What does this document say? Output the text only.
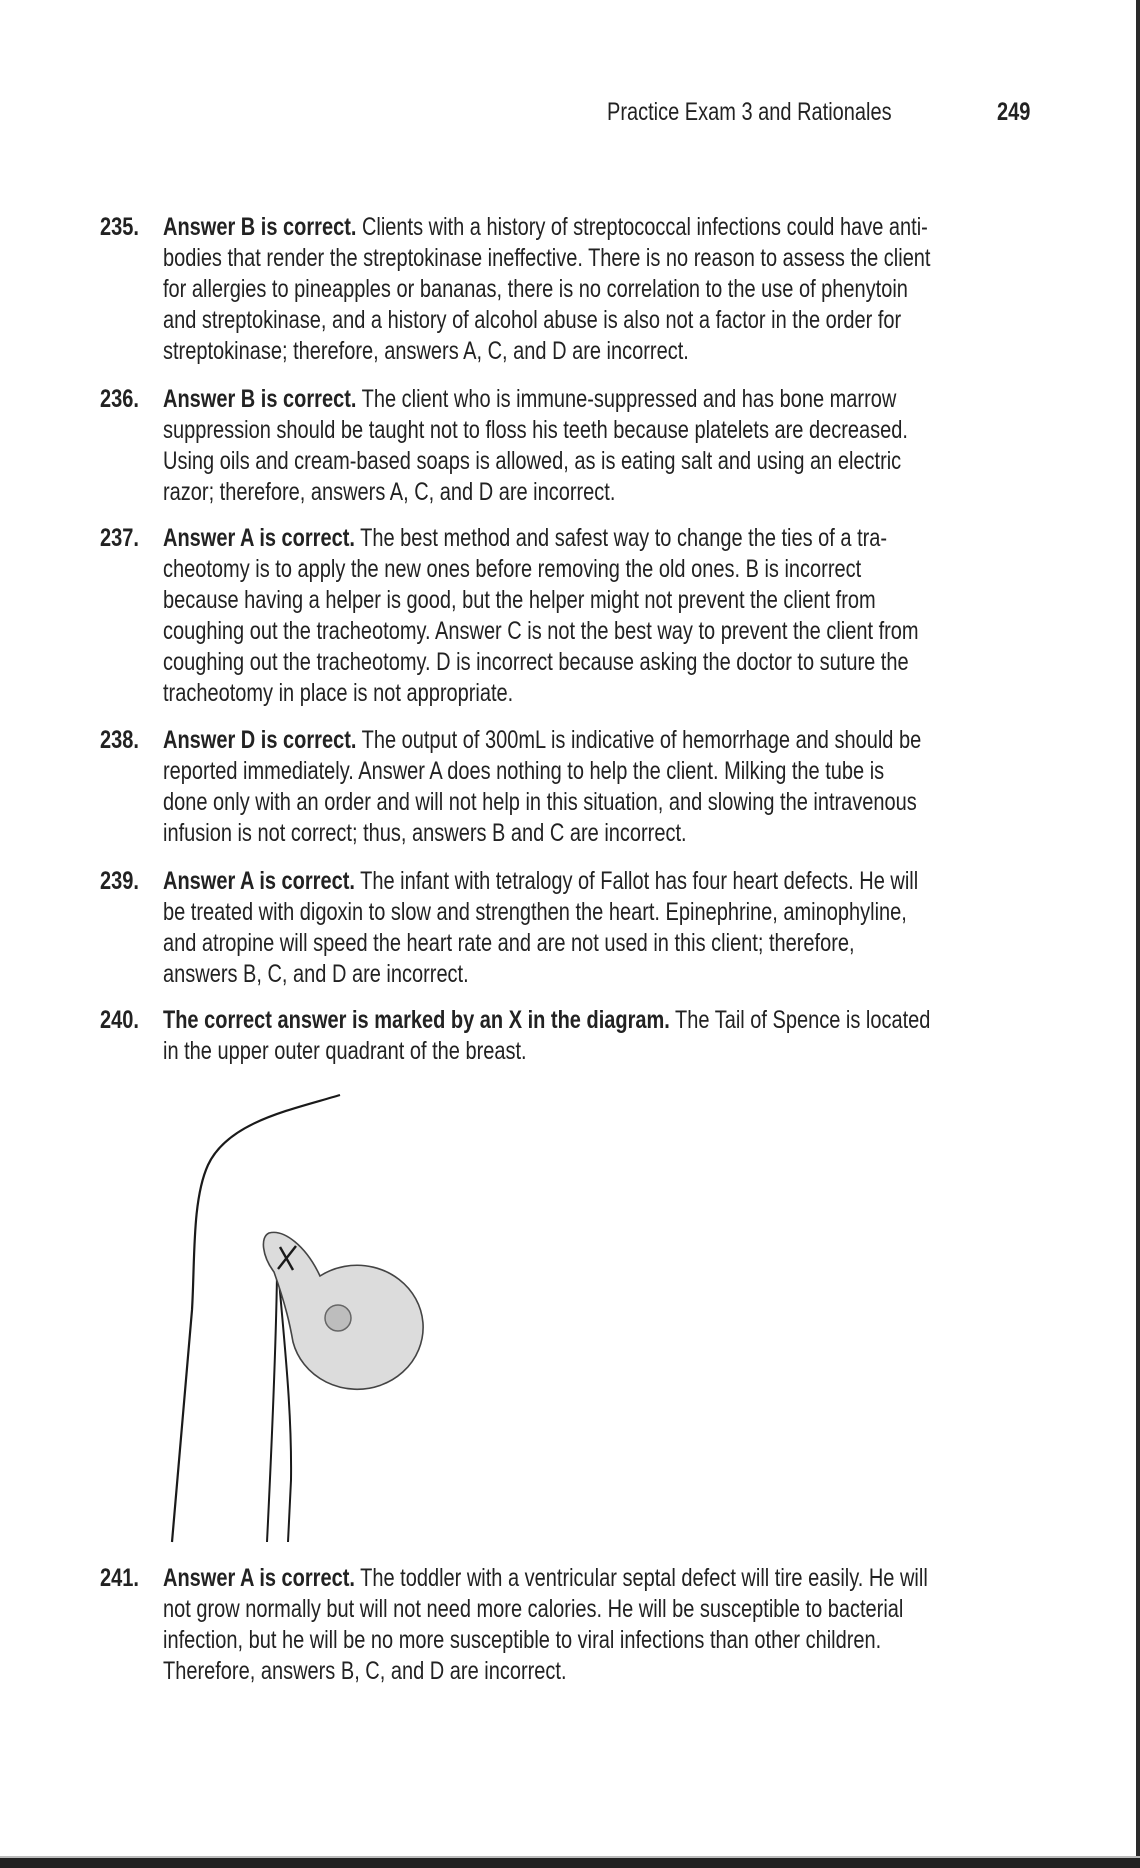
Practice Exam 3 and Rationales	249
235. Answer B is correct. Clients with a history of streptococcal infections could have anti-
bodies that render the streptokinase ineffective. There is no reason to assess the client
for allergies to pineapples or bananas, there is no correlation to the use of phenytoin
and streptokinase, and a history of alcohol abuse is also not a factor in the order for
streptokinase; therefore, answers A, C, and D are incorrect.
236. Answer B is correct. The client who is immune-suppressed and has bone marrow
suppression should be taught not to floss his teeth because platelets are decreased.
Using oils and cream-based soaps is allowed, as is eating salt and using an electric
razor; therefore, answers A, C, and D are incorrect.
237. Answer A is correct. The best method and safest way to change the ties of a tra-
cheotomy is to apply the new ones before removing the old ones. B is incorrect
because having a helper is good, but the helper might not prevent the client from
coughing out the tracheotomy. Answer C is not the best way to prevent the client from
coughing out the tracheotomy. D is incorrect because asking the doctor to suture the
tracheotomy in place is not appropriate.
238. Answer D is correct. The output of 300mL is indicative of hemorrhage and should be
reported immediately. Answer A does nothing to help the client. Milking the tube is
done only with an order and will not help in this situation, and slowing the intravenous
infusion is not correct; thus, answers B and C are incorrect.
239. Answer A is correct. The infant with tetralogy of Fallot has four heart defects. He will
be treated with digoxin to slow and strengthen the heart. Epinephrine, aminophyline,
and atropine will speed the heart rate and are not used in this client; therefore,
answers B, C, and D are incorrect.
240. The correct answer is marked by an X in the diagram. The Tail of Spence is located
in the upper outer quadrant of the breast.
241. Answer A is correct. The toddler with a ventricular septal defect will tire easily. He will
not grow normally but will not need more calories. He will be susceptible to bacterial
infection, but he will be no more susceptible to viral infections than other children.
Therefore, answers B, C, and D are incorrect.
